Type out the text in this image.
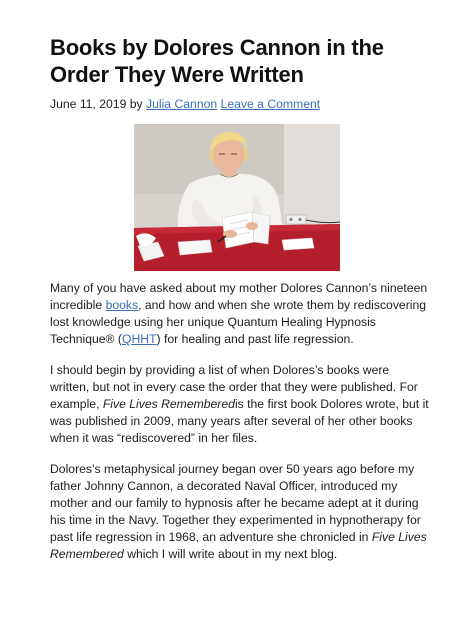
Books by Dolores Cannon in the Order They Were Written
June 11, 2019 by Julia Cannon Leave a Comment
Many of you have asked about my mother Dolores Cannon’s nineteen incredible books, and how and when she wrote them by rediscovering lost knowledge using her unique Quantum Healing Hypnosis Technique® (QHHT) for healing and past life regression.
I should begin by providing a list of when Dolores’s books were written, but not in every case the order that they were published. For example, Five Lives Rememberedis the first book Dolores wrote, but it was published in 2009, many years after several of her other books when it was “rediscovered” in her files.
Dolores’s metaphysical journey began over 50 years ago before my father Johnny Cannon, a decorated Naval Officer, introduced my mother and our family to hypnosis after he became adept at it during his time in the Navy. Together they experimented in hypnotherapy for past life regression in 1968, an adventure she chronicled in Five Lives Remembered which I will write about in my next blog.
